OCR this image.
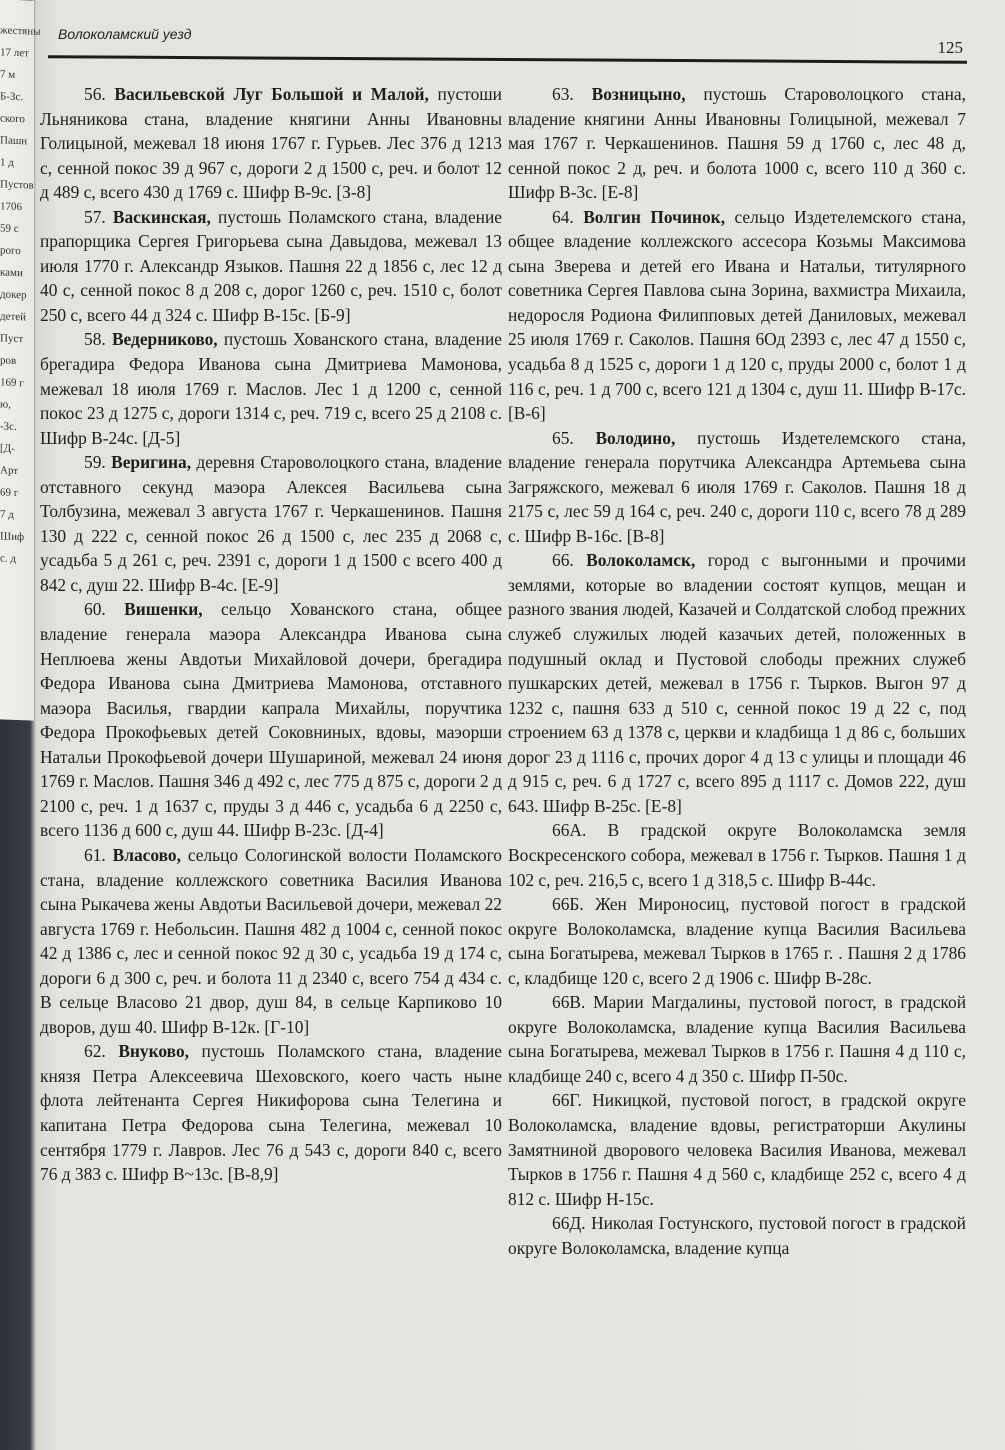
жестяны
17 лет
7 м
Б-Зс.
ского
Пашн
1 д
Пустов
1706
59 с
рого
ками
докер
детей
Пуст
ров
169 г
ю,
-Зс.
[Д-
Арт
69 г
7 д
Шиф
с. д
Волоколамский уезд
125

56. Васильевской Луг Большой и Малой, пустоши Льняникова стана, владение княгини Анны Ивановны Голицыной, межевал 18 июня 1767 г. Гурьев. Лес 376 д 1213 с, сенной покос 39 д 967 с, дороги 2 д 1500 с, реч. и болот 12 д 489 с, всего 430 д 1769 с. Шифр В-9с. [З-8]

57. Васкинская, пустошь Поламского стана, владение прапорщика Сергея Григорьева сына Давыдова, межевал 13 июля 1770 г. Александр Языков. Пашня 22 д 1856 с, лес 12 д 40 с, сенной покос 8 д 208 с, дорог 1260 с, реч. 1510 с, болот 250 с, всего 44 д 324 с. Шифр В-15с. [Б-9]

58. Ведерниково, пустошь Хованского стана, владение брегадира Федора Иванова сына Дмитриева Мамонова, межевал 18 июля 1769 г. Маслов. Лес 1 д 1200 с, сенной покос 23 д 1275 с, дороги 1314 с, реч. 719 с, всего 25 д 2108 с. Шифр В-24с. [Д-5]

59. Веригина, деревня Староволоцкого стана, владение отставного секунд маэора Алексея Васильева сына Толбузина, межевал 3 августа 1767 г. Черкашенинов. Пашня 130 д 222 с, сенной покос 26 д 1500 с, лес 235 д 2068 с, усадьба 5 д 261 с, реч. 2391 с, дороги 1 д 1500 с всего 400 д 842 с, душ 22. Шифр В-4с. [Е-9]

60. Вишенки, сельцо Хованского стана, общее владение генерала маэора Александра Иванова сына Неплюева жены Авдотьи Михайловой дочери, брегадира Федора Иванова сына Дмитриева Мамонова, отставного маэора Василья, гвардии капрала Михайлы, поручтика Федора Прокофьевых детей Соковниных, вдовы, маэорши Натальи Прокофьевой дочери Шушариной, межевал 24 июня 1769 г. Маслов. Пашня 346 д 492 с, лес 775 д 875 с, дороги 2 д 2100 с, реч. 1 д 1637 с, пруды 3 д 446 с, усадьба 6 д 2250 с, всего 1136 д 600 с, душ 44. Шифр В-23с. [Д-4]

61. Власово, сельцо Сологинской волости Поламского стана, владение коллежского советника Василия Иванова сына Рыкачева жены Авдотьи Васильевой дочери, межевал 22 августа 1769 г. Небольсин. Пашня 482 д 1004 с, сенной покос 42 д 1386 с, лес и сенной покос 92 д 30 с, усадьба 19 д 174 с, дороги 6 д 300 с, реч. и болота 11 д 2340 с, всего 754 д 434 с. В сельце Власово 21 двор, душ 84, в сельце Карпиково 10 дворов, душ 40. Шифр В-12к. [Г-10]

62. Внуково, пустошь Поламского стана, владение князя Петра Алексеевича Шеховского, коего часть ныне флота лейтенанта Сергея Никифорова сына Телегина и капитана Петра Федорова сына Телегина, межевал 10 сентября 1779 г. Лавров. Лес 76 д 543 с, дороги 840 с, всего 76 д 383 с. Шифр В~13с. [В-8,9]

63. Возницыно, пустошь Староволоцкого стана, владение княгини Анны Ивановны Голицыной, межевал 7 мая 1767 г. Черкашенинов. Пашня 59 д 1760 с, лес 48 д, сенной покос 2 д, реч. и болота 1000 с, всего 110 д 360 с. Шифр В-3с. [Е-8]

64. Волгин Починок, сельцо Издетелемского стана, общее владение коллежского ассесора Козьмы Максимова сына Зверева и детей его Ивана и Натальи, титулярного советника Сергея Павлова сына Зорина, вахмистра Михаила, недоросля Родиона Филипповых детей Даниловых, межевал 25 июля 1769 г. Саколов. Пашня 6Од 2393 с, лес 47 д 1550 с, усадьба 8 д 1525 с, дороги 1 д 120 с, пруды 2000 с, болот 1 д 116 с, реч. 1 д 700 с, всего 121 д 1304 с, душ 11. Шифр В-17с. [В-6]

65. Володино, пустошь Издетелемского стана, владение генерала порутчика Александра Артемьева сына Загряжского, межевал 6 июля 1769 г. Саколов. Пашня 18 д 2175 с, лес 59 д 164 с, реч. 240 с, дороги 110 с, всего 78 д 289 с. Шифр В-16с. [В-8]

66. Волоколамск, город с выгонными и прочими землями, которые во владении состоят купцов, мещан и разного звания людей, Казачей и Солдатской слобод прежних служеб служилых людей казачьих детей, положенных в подушный оклад и Пустовой слободы прежних служеб пушкарских детей, межевал в 1756 г. Тырков. Выгон 97 д 1232 с, пашня 633 д 510 с, сенной покос 19 д 22 с, под строением 63 д 1378 с, церкви и кладбища 1 д 86 с, больших дорог 23 д 1116 с, прочих дорог 4 д 13 с улицы и площади 46 д 915 с, реч. 6 д 1727 с, всего 895 д 1117 с. Домов 222, душ 643. Шифр В-25с. [Е-8]

66А. В градской округе Волоколамска земля Воскресенского собора, межевал в 1756 г. Тырков. Пашня 1 д 102 с, реч. 216,5 с, всего 1 д 318,5 с. Шифр В-44с.

66Б. Жен Мироносиц, пустовой погост в градской округе Волоколамска, владение купца Василия Васильева сына Богатырева, межевал Тырков в 1765 г. . Пашня 2 д 1786 с, кладбище 120 с, всего 2 д 1906 с. Шифр В-28с.

66В. Марии Магдалины, пустовой погост, в градской округе Волоколамска, владение купца Василия Васильева сына Богатырева, межевал Тырков в 1756 г. Пашня 4 д 110 с, кладбище 240 с, всего 4 д 350 с. Шифр П-50с.

66Г. Никицкой, пустовой погост, в градской округе Волоколамска, владение вдовы, регистраторши Акулины Замятниной дворового человека Василия Иванова, межевал Тырков в 1756 г. Пашня 4 д 560 с, кладбище 252 с, всего 4 д 812 с. Шифр Н-15с.

66Д. Николая Гостунского, пустовой погост в градской округе Волоколамска, владение купца
